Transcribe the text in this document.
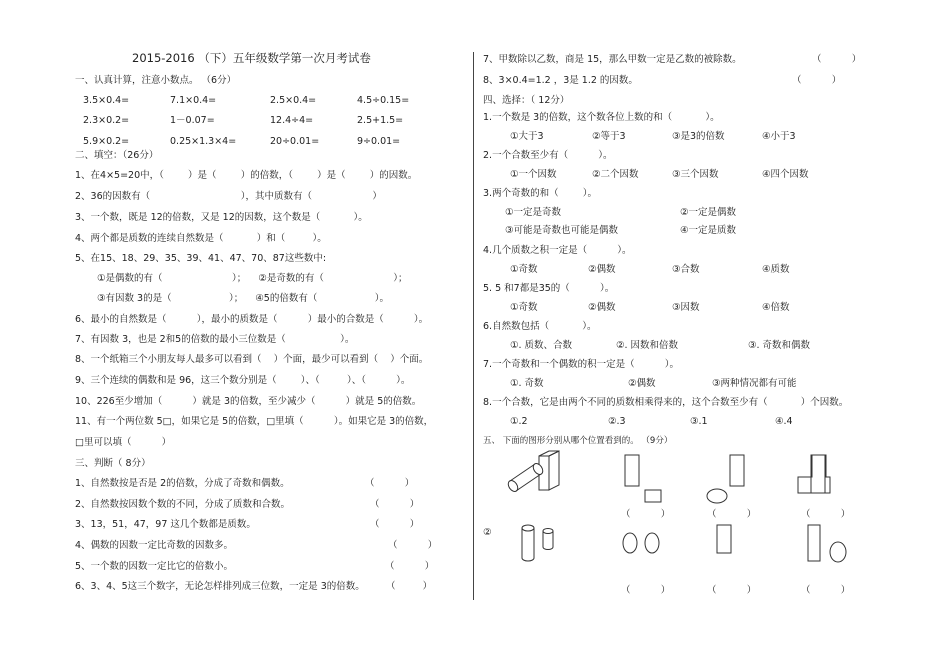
2015-2016 （下）五年级数学第一次月考试卷
一、认真计算，注意小数点。 （6分）
3.5×0.4=	7.1×0.4=	2.5×0.4=	4.5÷0.15=
2.3×0.2=	1－0.07=	12.4÷4=	2.5+1.5=
5.9×0.2=	0.25×1.3×4=	20÷0.01=	9÷0.01=
二、填空：（26分）
1、在4×5=20中，（        ）是（        ）的倍数，（        ）是（        ）的因数。
2、36的因数有（                              ），其中质数有（                    ）
3、一个数，既是 12的倍数，又是 12的因数，这个数是（           ）。
4、两个都是质数的连续自然数是（           ）和（         ）。
5、在15、18、29、35、39、41、47、70、87这些数中:
①是偶数的有（                       ）；    ②是奇数的有（                       ）；
③有因数 3的是（                   ）；    ④5的倍数有（                   ）。
6、最小的自然数是（          ），最小的质数是（          ）最小的合数是（          ）。
7、有因数 3，也是 2和5的倍数的最小三位数是（                  ）。
8、一个纸箱三个小朋友每人最多可以看到（    ）个面，最少可以看到（    ）个面。
9、三个连续的偶数和是 96，这三个数分别是（        ）、（         ）、（          ）。
10、226至少增加（          ）就是 3的倍数，至少减少（          ）就是 5的倍数。
11、有一个两位数 5□，如果它是 5的倍数，□里填（          ）。如果它是 3的倍数，
□里可以填（          ）
三、判断（ 8分）
1、自然数按是否是 2的倍数，分成了奇数和偶数。	（          ）
2、自然数按因数个数的不同，分成了质数和合数。	（          ）
3、13，51，47，97 这几个数都是质数。	（          ）
4、偶数的因数一定比奇数的因数多。	（          ）
5、一个数的因数一定比它的倍数小。	（          ）
6、3、4、5这三个数字，无论怎样排列成三位数，一定是 3的倍数。 （         ）
7、甲数除以乙数，商是 15，那么甲数一定是乙数的被除数。	（          ）
8、3×0.4=1.2 ，3是 1.2 的因数。	（          ）
四、选择：（ 12分）
1.一个数是 3的倍数，这个数各位上数的和（           ）。
①大于3	②等于3	③是3的倍数	④小于3
2.一个合数至少有（          ）。
①一个因数	②二个因数	③三个因数	④四个因数
3.两个奇数的和（        ）。
①一定是奇数	②一定是偶数
③可能是奇数也可能是偶数	④一定是质数
4.几个质数之积一定是（          ）。
①奇数	②偶数	③合数	④质数
5. 5 和7都是35的（          ）。
①奇数	②偶数	③因数	④倍数
6.自然数包括（           ）。
①. 质数、合数	②. 因数和倍数	③. 奇数和偶数
7.一个奇数和一个偶数的积一定是（          ）。
①. 奇数	②偶数	③两种情况都有可能
8.一个合数，它是由两个不同的质数相乘得来的，这个合数至少有（           ）个因数。
①.2	②.3	③.1	④.4
五、 下面的图形分别从哪个位置看到的。 （9分）
（          ）	（          ）	（          ）
②
（          ）	（          ）	（          ）
